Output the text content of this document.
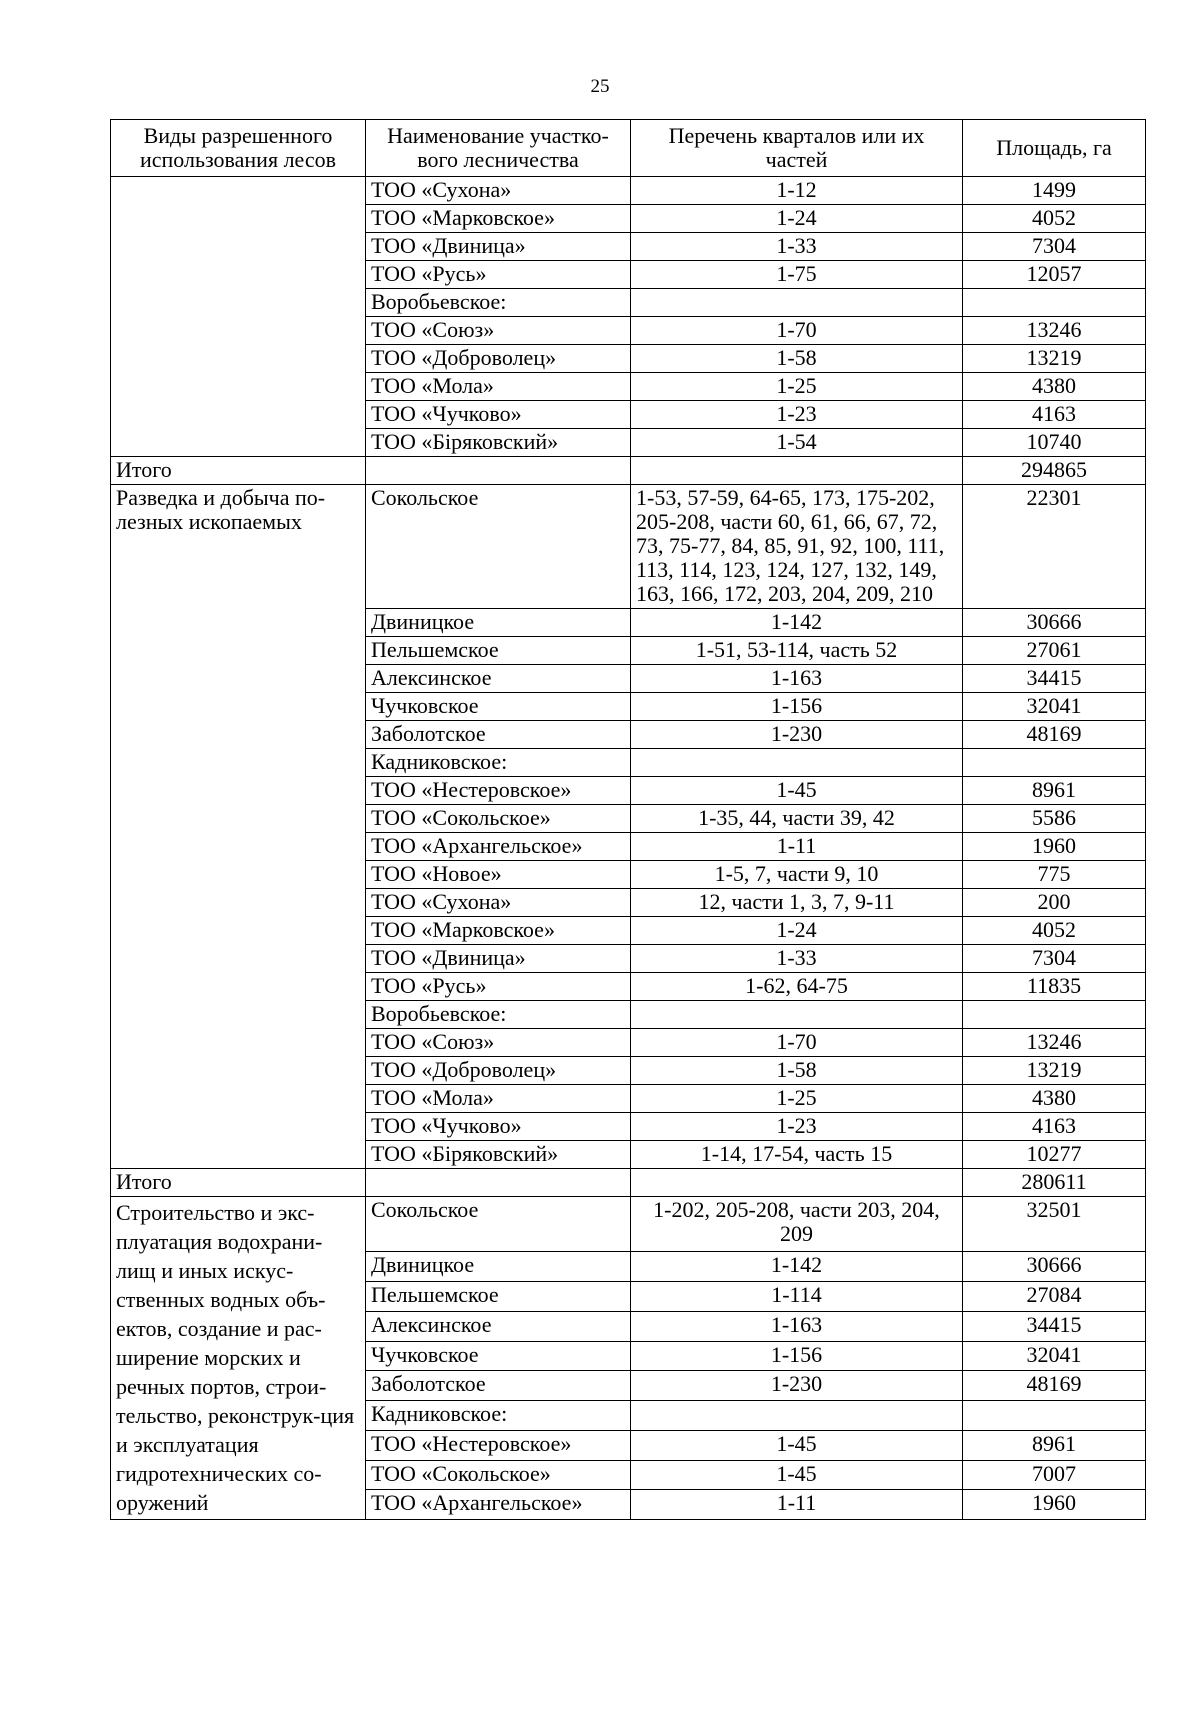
25
Виды разрешенного использования лесов	Наименование участко-вого лесничества	Перечень кварталов или их частей	Площадь, га
	ТОО «Сухона»	1-12	1499
	ТОО «Марковское»	1-24	4052
	ТОО «Двиница»	1-33	7304
	ТОО «Русь»	1-75	12057
	Воробьевское:		
	ТОО «Союз»	1-70	13246
	ТОО «Доброволец»	1-58	13219
	ТОО «Мола»	1-25	4380
	ТОО «Чучково»	1-23	4163
	ТОО «Біряковский»	1-54	10740
Итого			294865
Разведка и добыча по-лезных ископаемых	Сокольское	1-53, 57-59, 64-65, 173, 175-202, 205-208, части 60, 61, 66, 67, 72, 73, 75-77, 84, 85, 91, 92, 100, 111, 113, 114, 123, 124, 127, 132, 149, 163, 166, 172, 203, 204, 209, 210	22301
	Двиницкое	1-142	30666
	Пельшемское	1-51, 53-114, часть 52	27061
	Алексинское	1-163	34415
	Чучковское	1-156	32041
	Заболотское	1-230	48169
	Кадниковское:		
	ТОО «Нестеровское»	1-45	8961
	ТОО «Сокольское»	1-35, 44, части 39, 42	5586
	ТОО «Архангельское»	1-11	1960
	ТОО «Новое»	1-5, 7, части 9, 10	775
	ТОО «Сухона»	12, части 1, 3, 7, 9-11	200
	ТОО «Марковское»	1-24	4052
	ТОО «Двиница»	1-33	7304
	ТОО «Русь»	1-62, 64-75	11835
	Воробьевское:		
	ТОО «Союз»	1-70	13246
	ТОО «Доброволец»	1-58	13219
	ТОО «Мола»	1-25	4380
	ТОО «Чучково»	1-23	4163
	ТОО «Біряковский»	1-14, 17-54, часть 15	10277
Итого			280611
Строительство и экс-плуатация водохрани-лищ и иных искус-ственных водных объ-ектов, создание и рас-ширение морских и речных портов, строи-тельство, реконструк-ция и эксплуатация гидротехнических со-оружений	Сокольское	1-202, 205-208, части 203, 204, 209	32501
	Двиницкое	1-142	30666
	Пельшемское	1-114	27084
	Алексинское	1-163	34415
	Чучковское	1-156	32041
	Заболотское	1-230	48169
	Кадниковское:		
	ТОО «Нестеровское»	1-45	8961
	ТОО «Сокольское»	1-45	7007
	ТОО «Архангельское»	1-11	1960
